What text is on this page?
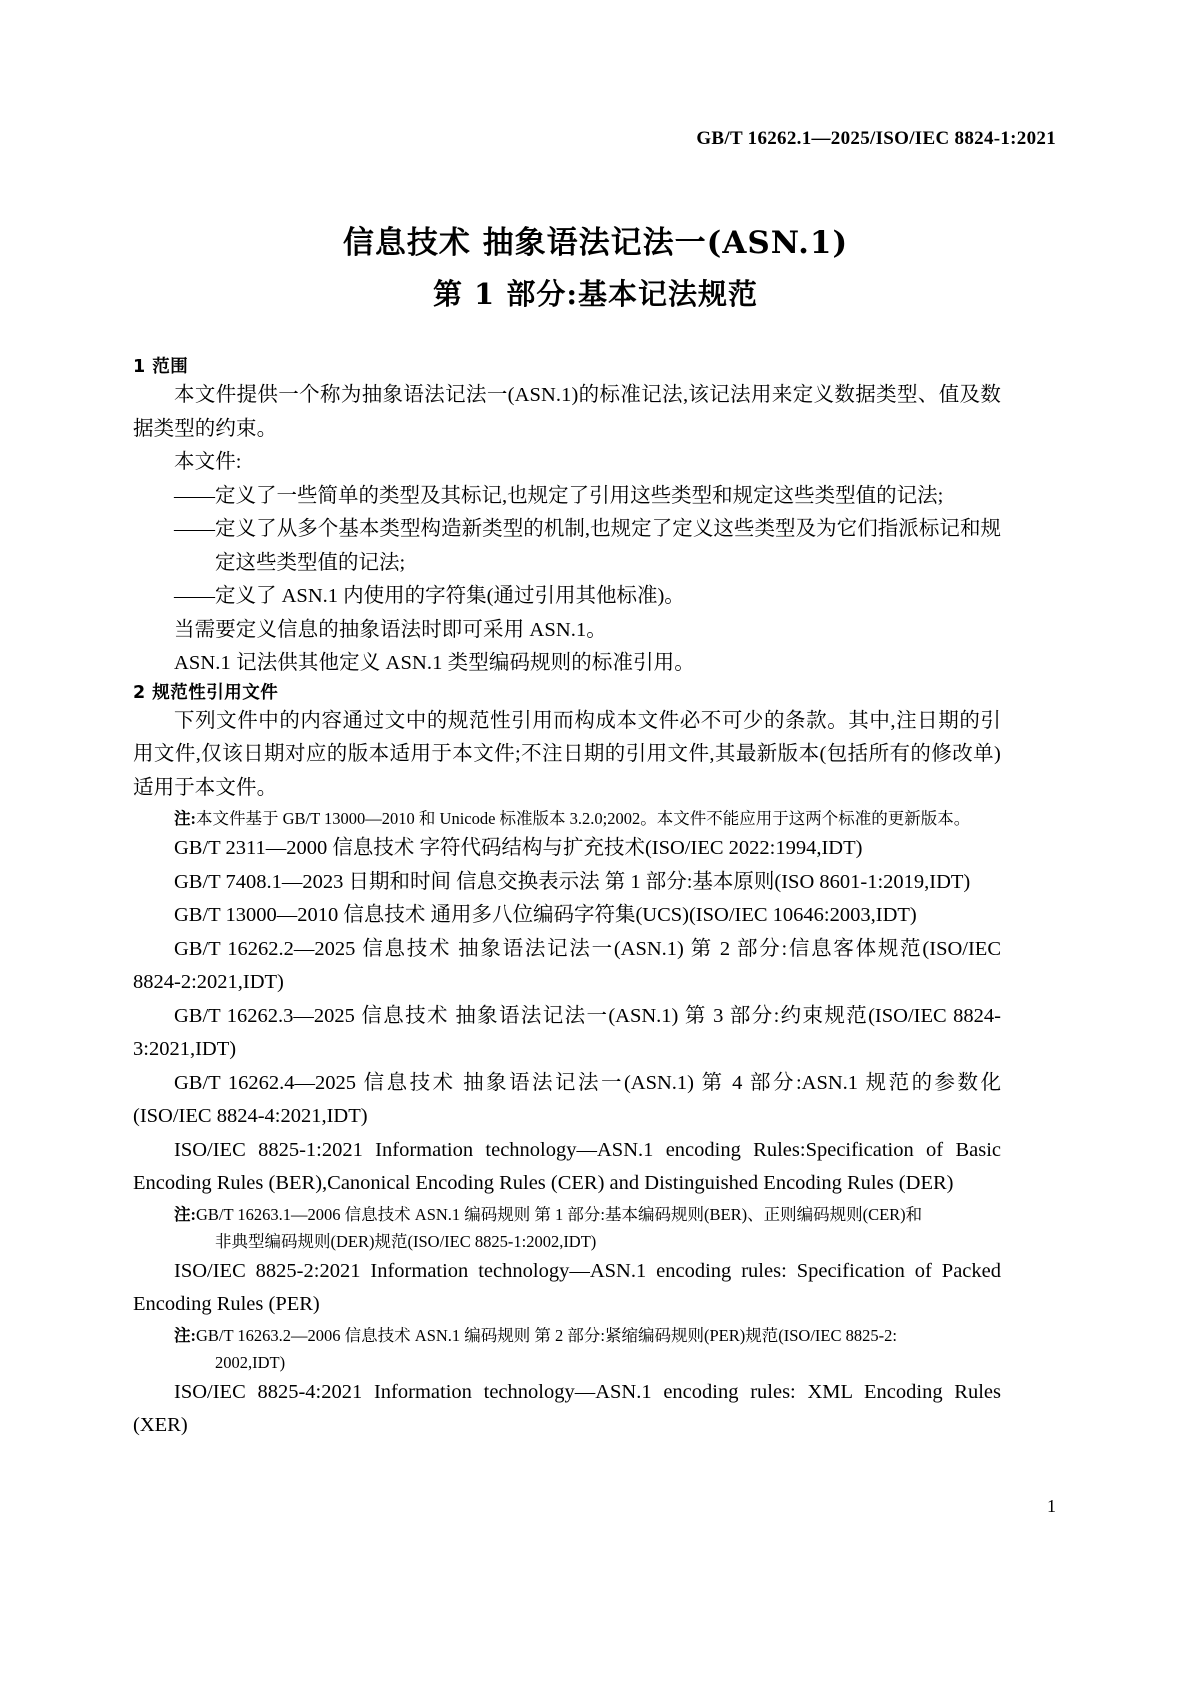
GB/T 16262.1—2025/ISO/IEC 8824-1:2021
信息技术 抽象语法记法一(ASN.1)
第 1 部分:基本记法规范
1 范围

本文件提供一个称为抽象语法记法一(ASN.1)的标准记法,该记法用来定义数据类型、值及数据类型的约束。

本文件:

——定义了一些简单的类型及其标记,也规定了引用这些类型和规定这些类型值的记法;
——定义了从多个基本类型构造新类型的机制,也规定了定义这些类型及为它们指派标记和规定这些类型值的记法;
——定义了 ASN.1 内使用的字符集(通过引用其他标准)。

当需要定义信息的抽象语法时即可采用 ASN.1。

ASN.1 记法供其他定义 ASN.1 类型编码规则的标准引用。

2 规范性引用文件

下列文件中的内容通过文中的规范性引用而构成本文件必不可少的条款。其中,注日期的引用文件,仅该日期对应的版本适用于本文件;不注日期的引用文件,其最新版本(包括所有的修改单)适用于本文件。

注:本文件基于 GB/T 13000—2010 和 Unicode 标准版本 3.2.0;2002。本文件不能应用于这两个标准的更新版本。

GB/T 2311—2000 信息技术 字符代码结构与扩充技术(ISO/IEC 2022:1994,IDT)

GB/T 7408.1—2023 日期和时间 信息交换表示法 第 1 部分:基本原则(ISO 8601-1:2019,IDT)

GB/T 13000—2010 信息技术 通用多八位编码字符集(UCS)(ISO/IEC 10646:2003,IDT)

GB/T 16262.2—2025 信息技术 抽象语法记法一(ASN.1) 第 2 部分:信息客体规范(ISO/IEC 8824-2:2021,IDT)

GB/T 16262.3—2025 信息技术 抽象语法记法一(ASN.1) 第 3 部分:约束规范(ISO/IEC 8824-3:2021,IDT)

GB/T 16262.4—2025 信息技术 抽象语法记法一(ASN.1) 第 4 部分:ASN.1 规范的参数化(ISO/IEC 8824-4:2021,IDT)

ISO/IEC 8825-1:2021 Information technology—ASN.1 encoding Rules:Specification of Basic Encoding Rules (BER),Canonical Encoding Rules (CER) and Distinguished Encoding Rules (DER)

注:GB/T 16263.1—2006 信息技术 ASN.1 编码规则 第 1 部分:基本编码规则(BER)、正则编码规则(CER)和

非典型编码规则(DER)规范(ISO/IEC 8825-1:2002,IDT)

ISO/IEC 8825-2:2021 Information technology—ASN.1 encoding rules: Specification of Packed Encoding Rules (PER)

注:GB/T 16263.2—2006 信息技术 ASN.1 编码规则 第 2 部分:紧缩编码规则(PER)规范(ISO/IEC 8825-2:

2002,IDT)

ISO/IEC 8825-4:2021 Information technology—ASN.1 encoding rules: XML Encoding Rules (XER)

1
